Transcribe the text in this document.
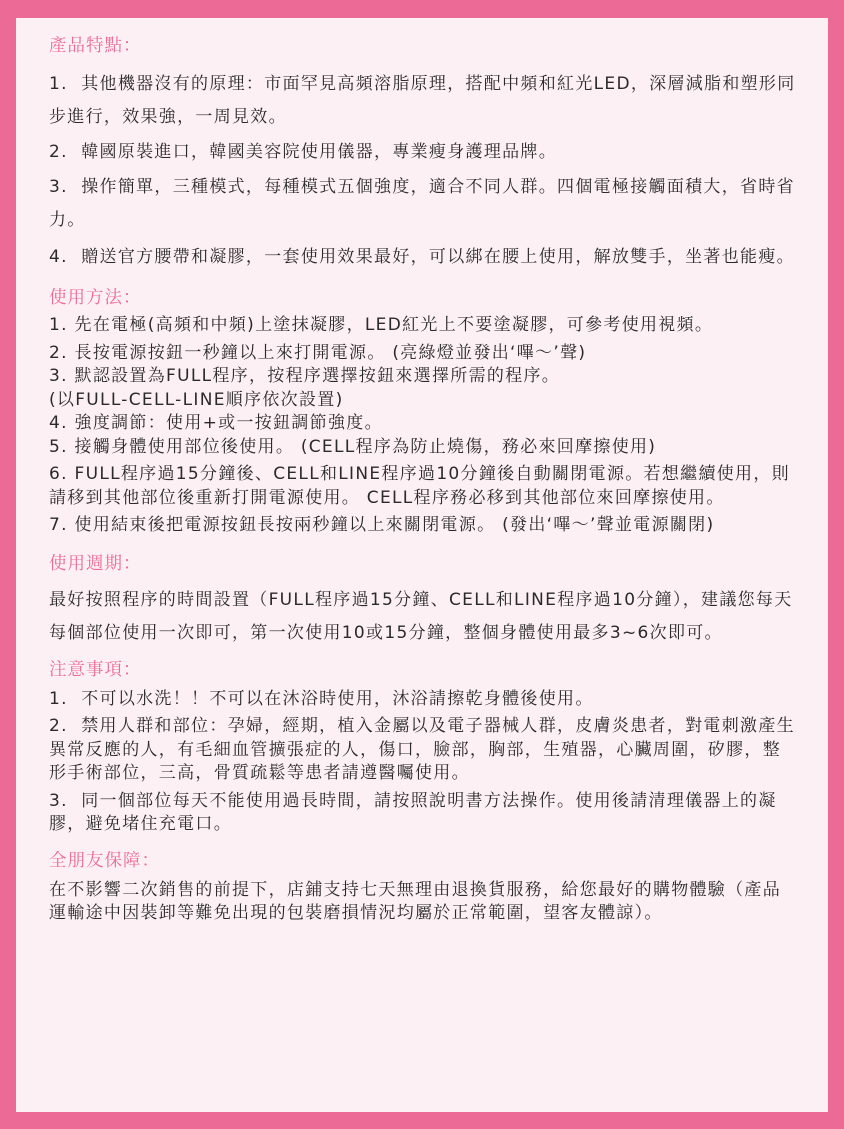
產品特點：

1.  其他機器沒有的原理：市面罕見高頻溶脂原理，搭配中頻和紅光LED，深層減脂和塑形同步進行，效果強，一周見效。

2.  韓國原裝進口，韓國美容院使用儀器，專業瘦身護理品牌。

3.  操作簡單，三種模式，每種模式五個強度，適合不同人群。四個電極接觸面積大，省時省力。

4.  贈送官方腰帶和凝膠，一套使用效果最好，可以綁在腰上使用，解放雙手，坐著也能瘦。

使用方法：

1. 先在電極(高頻和中頻)上塗抹凝膠，LED紅光上不要塗凝膠，可參考使用視頻。

2. 長按電源按鈕一秒鐘以上來打開電源。 (亮綠燈並發出‘嗶～’聲)

3. 默認設置為FULL程序，按程序選擇按鈕來選擇所需的程序。
(以FULL-CELL-LINE順序依次設置)

4. 強度調節：使用+或一按鈕調節強度。

5. 接觸身體使用部位後使用。 (CELL程序為防止燒傷，務必來回摩擦使用)

6. FULL程序過15分鐘後、CELL和LINE程序過10分鐘後自動關閉電源。若想繼續使用，則請移到其他部位後重新打開電源使用。 CELL程序務必移到其他部位來回摩擦使用。

7. 使用結束後把電源按鈕長按兩秒鐘以上來關閉電源。 (發出‘嗶～’聲並電源關閉)

使用週期：

最好按照程序的時間設置（FULL程序過15分鐘、CELL和LINE程序過10分鐘），建議您每天每個部位使用一次即可，第一次使用10或15分鐘，整個身體使用最多3~6次即可。

注意事項：

1.  不可以水洗！！不可以在沐浴時使用，沐浴請擦乾身體後使用。

2.  禁用人群和部位：孕婦，經期，植入金屬以及電子器械人群，皮膚炎患者，對電刺激產生異常反應的人，有毛細血管擴張症的人，傷口，臉部，胸部，生殖器，心臟周圍，矽膠，整形手術部位，三高，骨質疏鬆等患者請遵醫囑使用。

3.  同一個部位每天不能使用過長時間，請按照說明書方法操作。使用後請清理儀器上的凝膠，避免堵住充電口。

全朋友保障：

在不影響二次銷售的前提下，店鋪支持七天無理由退換貨服務，給您最好的購物體驗（產品運輸途中因裝卸等難免出現的包裝磨損情況均屬於正常範圍，望客友體諒）。
